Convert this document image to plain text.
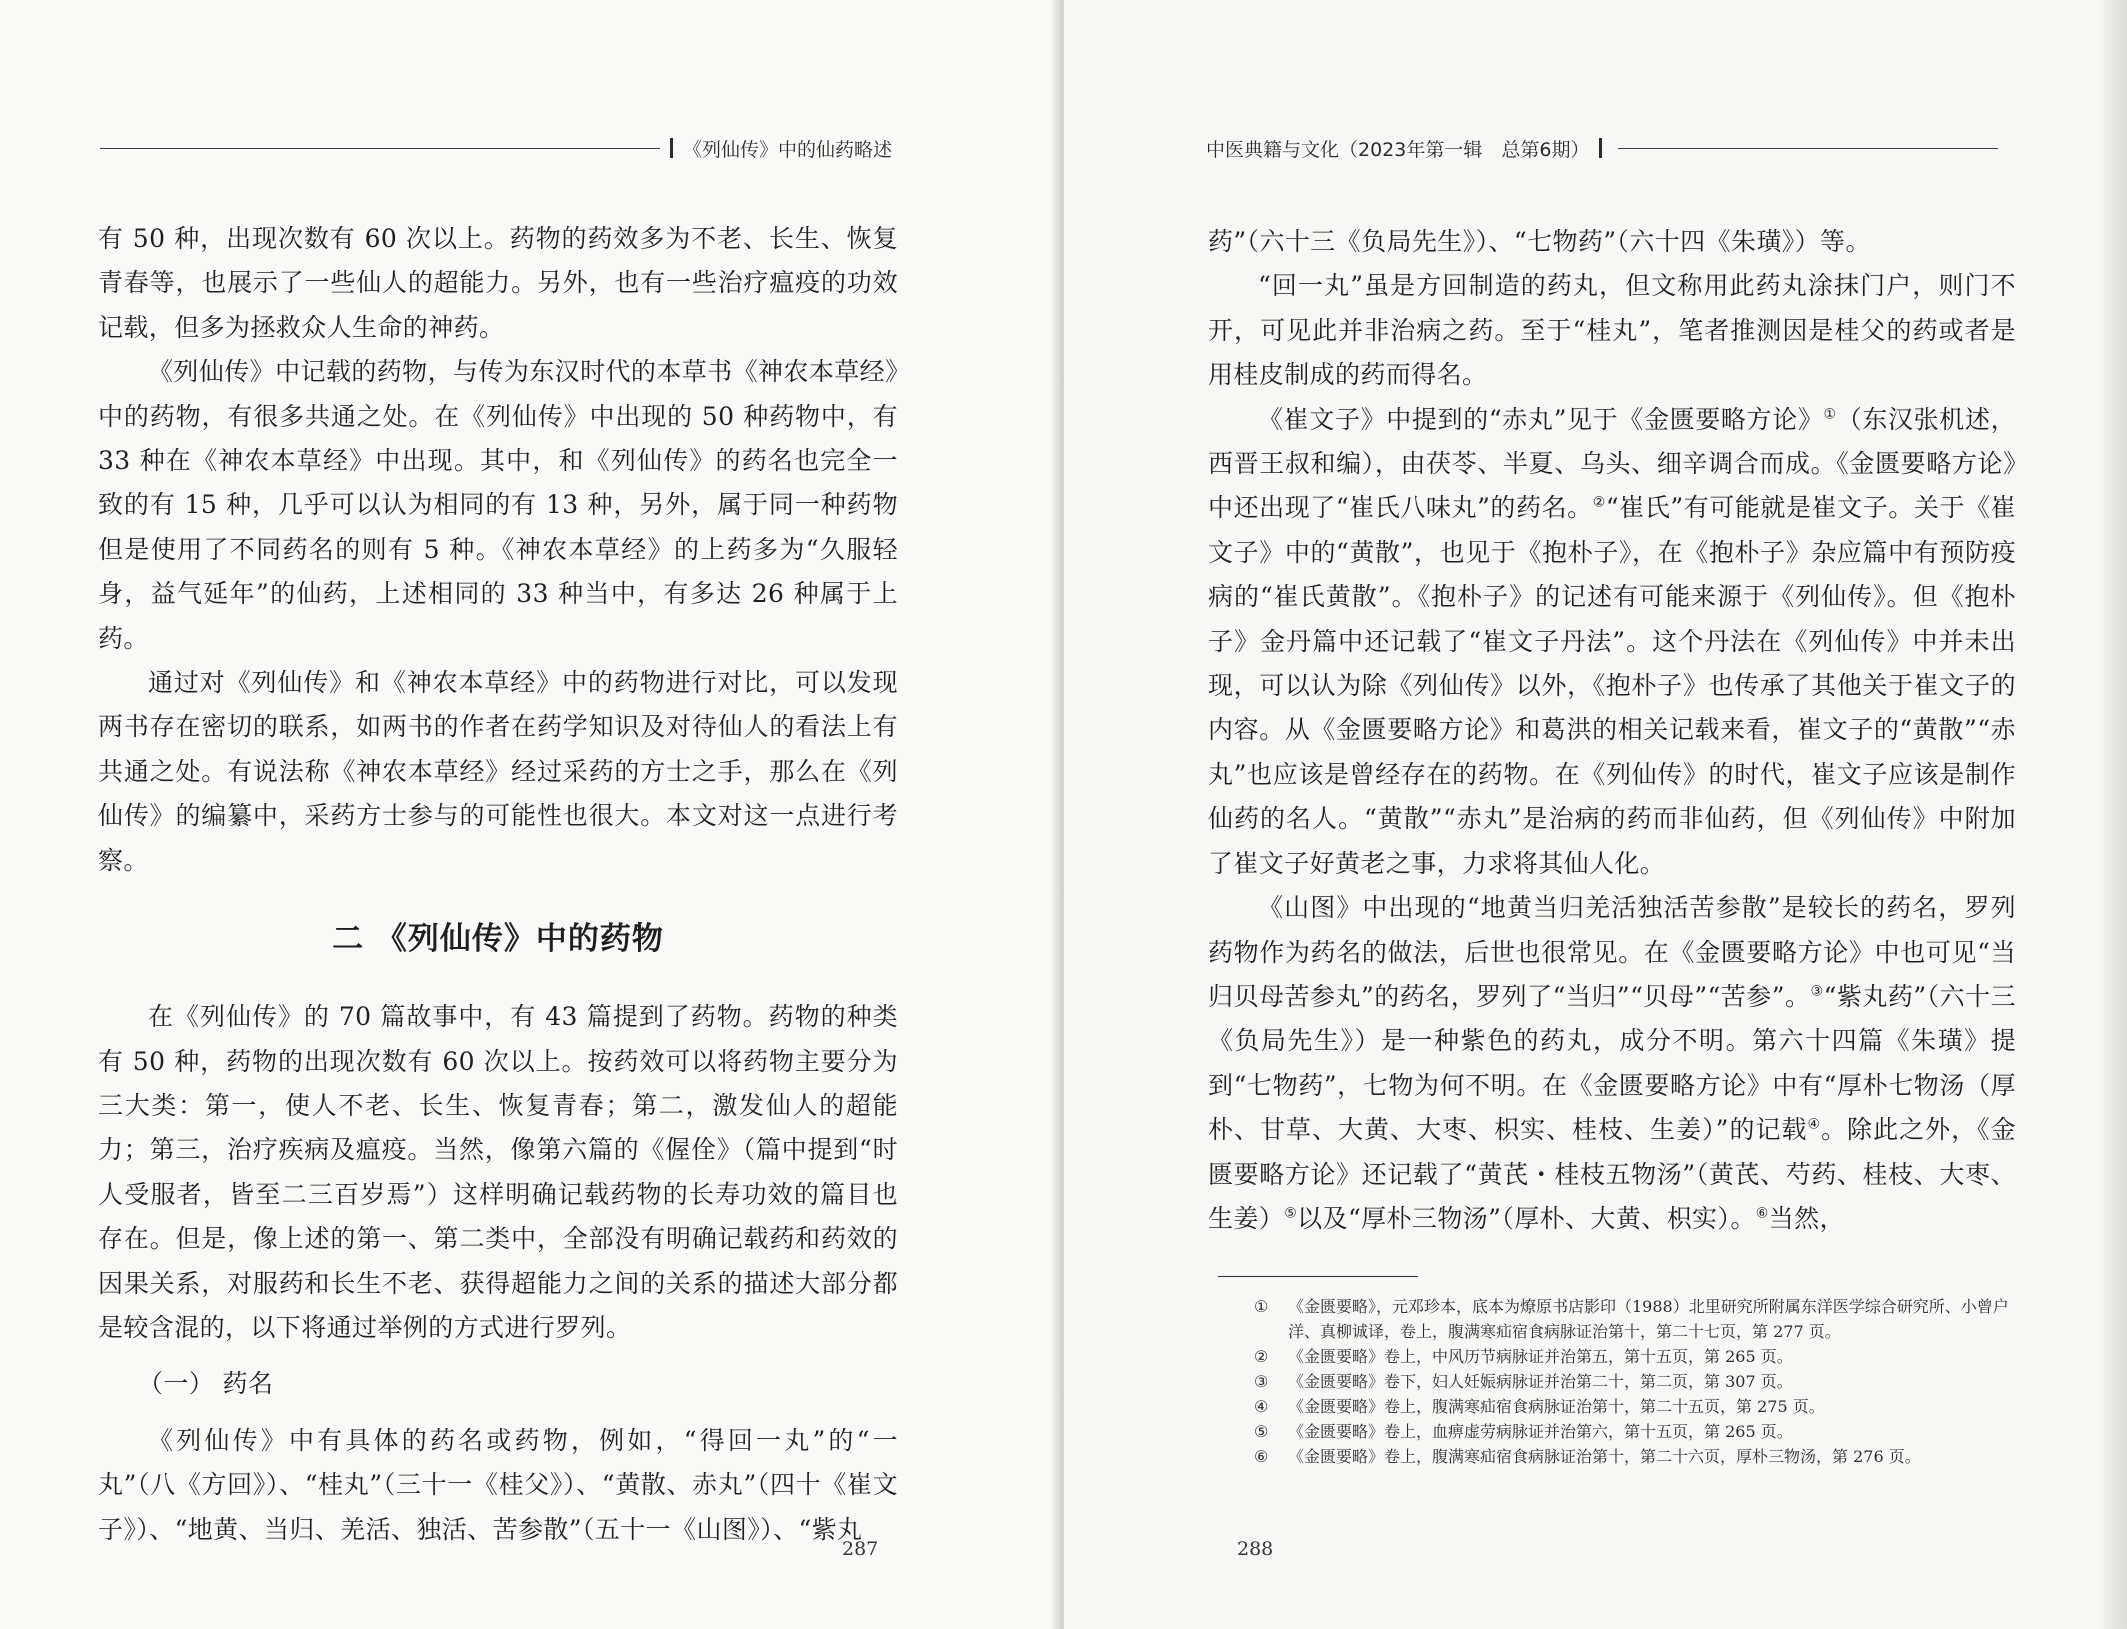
《列仙传》中的仙药略述	中医典籍与文化（2023年第一辑　总第6期）

有 50 种，出现次数有 60 次以上。药物的药效多为不老、长生、恢复青春等，也展示了一些仙人的超能力。另外，也有一些治疗瘟疫的功效记载，但多为拯救众人生命的神药。

《列仙传》中记载的药物，与传为东汉时代的本草书《神农本草经》中的药物，有很多共通之处。在《列仙传》中出现的 50 种药物中，有 33 种在《神农本草经》中出现。其中，和《列仙传》的药名也完全一致的有 15 种，几乎可以认为相同的有 13 种，另外，属于同一种药物但是使用了不同药名的则有 5 种。《神农本草经》的上药多为“久服轻身，益气延年”的仙药，上述相同的 33 种当中，有多达 26 种属于上药。

通过对《列仙传》和《神农本草经》中的药物进行对比，可以发现两书存在密切的联系，如两书的作者在药学知识及对待仙人的看法上有共通之处。有说法称《神农本草经》经过采药的方士之手，那么在《列仙传》的编纂中，采药方士参与的可能性也很大。本文对这一点进行考察。

二 《列仙传》中的药物

在《列仙传》的 70 篇故事中，有 43 篇提到了药物。药物的种类有 50 种，药物的出现次数有 60 次以上。按药效可以将药物主要分为三大类：第一，使人不老、长生、恢复青春；第二，激发仙人的超能力；第三，治疗疾病及瘟疫。当然，像第六篇的《偓佺》（篇中提到“时人受服者，皆至二三百岁焉”）这样明确记载药物的长寿功效的篇目也存在。但是，像上述的第一、第二类中，全部没有明确记载药和药效的因果关系，对服药和长生不老、获得超能力之间的关系的描述大部分都是较含混的，以下将通过举例的方式进行罗列。

（一） 药名

《列仙传》中有具体的药名或药物，例如，“得回一丸”的“一丸”（八《方回》）、“桂丸”（三十一《桂父》）、“黄散、赤丸”（四十《崔文子》）、“地黄、当归、羌活、独活、苦参散”（五十一《山图》）、“紫丸

287

药”（六十三《负局先生》）、“七物药”（六十四《朱璜》）等。

“回一丸”虽是方回制造的药丸，但文称用此药丸涂抹门户，则门不开，可见此并非治病之药。至于“桂丸”，笔者推测因是桂父的药或者是用桂皮制成的药而得名。

《崔文子》中提到的“赤丸”见于《金匮要略方论》①（东汉张机述，西晋王叔和编），由茯苓、半夏、乌头、细辛调合而成。《金匮要略方论》中还出现了“崔氏八味丸”的药名。②“崔氏”有可能就是崔文子。关于《崔文子》中的“黄散”，也见于《抱朴子》，在《抱朴子》杂应篇中有预防疫病的“崔氏黄散”。《抱朴子》的记述有可能来源于《列仙传》。但《抱朴子》金丹篇中还记载了“崔文子丹法”。这个丹法在《列仙传》中并未出现，可以认为除《列仙传》以外，《抱朴子》也传承了其他关于崔文子的内容。从《金匮要略方论》和葛洪的相关记载来看，崔文子的“黄散”“赤丸”也应该是曾经存在的药物。在《列仙传》的时代，崔文子应该是制作仙药的名人。“黄散”“赤丸”是治病的药而非仙药，但《列仙传》中附加了崔文子好黄老之事，力求将其仙人化。

《山图》中出现的“地黄当归羌活独活苦参散”是较长的药名，罗列药物作为药名的做法，后世也很常见。在《金匮要略方论》中也可见“当归贝母苦参丸”的药名，罗列了“当归”“贝母”“苦参”。③“紫丸药”（六十三《负局先生》）是一种紫色的药丸，成分不明。第六十四篇《朱璜》提到“七物药”，七物为何不明。在《金匮要略方论》中有“厚朴七物汤（厚朴、甘草、大黄、大枣、枳实、桂枝、生姜）”的记载④。除此之外，《金匮要略方论》还记载了“黄芪・桂枝五物汤”（黄芪、芍药、桂枝、大枣、生姜）⑤以及“厚朴三物汤”（厚朴、大黄、枳实）。⑥当然，

①	《金匮要略》，元邓珍本，底本为燎原书店影印（1988）北里研究所附属东洋医学综合研究所、小曾户洋、真柳诚译，卷上，腹满寒疝宿食病脉证治第十，第二十七页，第 277 页。
②	《金匮要略》卷上，中风历节病脉证并治第五，第十五页，第 265 页。
③	《金匮要略》卷下，妇人妊娠病脉证并治第二十，第二页，第 307 页。
④	《金匮要略》卷上，腹满寒疝宿食病脉证治第十，第二十五页，第 275 页。
⑤	《金匮要略》卷上，血痹虚劳病脉证并治第六，第十五页，第 265 页。
⑥	《金匮要略》卷上，腹满寒疝宿食病脉证治第十，第二十六页，厚朴三物汤，第 276 页。
288
